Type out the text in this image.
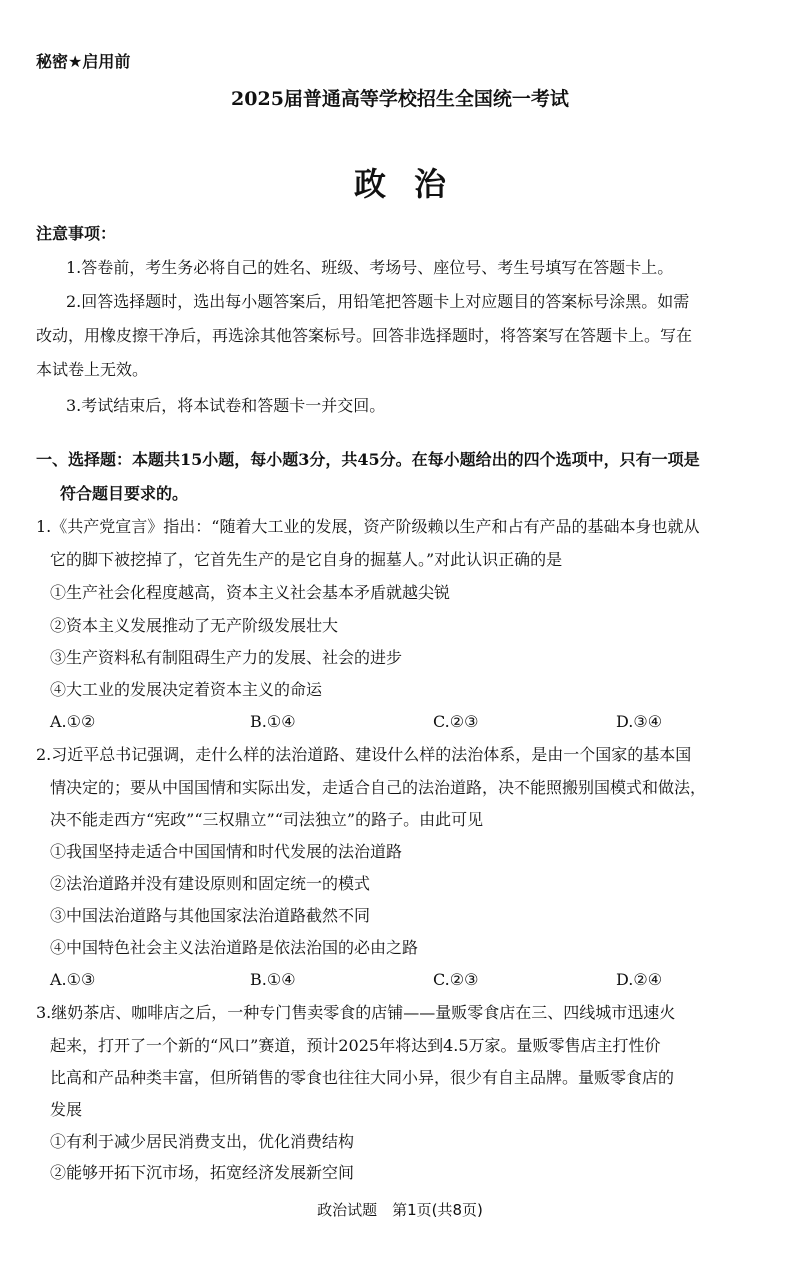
秘密★启用前
2025届普通高等学校招生全国统一考试
政治
注意事项：
1.答卷前，考生务必将自己的姓名、班级、考场号、座位号、考生号填写在答题卡上。
2.回答选择题时，选出每小题答案后，用铅笔把答题卡上对应题目的答案标号涂黑。如需
改动，用橡皮擦干净后，再选涂其他答案标号。回答非选择题时，将答案写在答题卡上。写在
本试卷上无效。
3.考试结束后，将本试卷和答题卡一并交回。
一、选择题：本题共15小题，每小题3分，共45分。在每小题给出的四个选项中，只有一项是
符合题目要求的。
1.《共产党宣言》指出：“随着大工业的发展，资产阶级赖以生产和占有产品的基础本身也就从
它的脚下被挖掉了，它首先生产的是它自身的掘墓人。”对此认识正确的是
①生产社会化程度越高，资本主义社会基本矛盾就越尖锐
②资本主义发展推动了无产阶级发展壮大
③生产资料私有制阻碍生产力的发展、社会的进步
④大工业的发展决定着资本主义的命运
A.①②	B.①④	C.②③	D.③④
2.习近平总书记强调，走什么样的法治道路、建设什么样的法治体系，是由一个国家的基本国
情决定的；要从中国国情和实际出发，走适合自己的法治道路，决不能照搬别国模式和做法，
决不能走西方“宪政”“三权鼎立”“司法独立”的路子。由此可见
①我国坚持走适合中国国情和时代发展的法治道路
②法治道路并没有建设原则和固定统一的模式
③中国法治道路与其他国家法治道路截然不同
④中国特色社会主义法治道路是依法治国的必由之路
A.①③	B.①④	C.②③	D.②④
3.继奶茶店、咖啡店之后，一种专门售卖零食的店铺——量贩零食店在三、四线城市迅速火
起来，打开了一个新的“风口”赛道，预计2025年将达到4.5万家。量贩零售店主打性价
比高和产品种类丰富，但所销售的零食也往往大同小异，很少有自主品牌。量贩零食店的
发展
①有利于减少居民消费支出，优化消费结构
②能够开拓下沉市场，拓宽经济发展新空间
政治试题　第1页(共8页)
